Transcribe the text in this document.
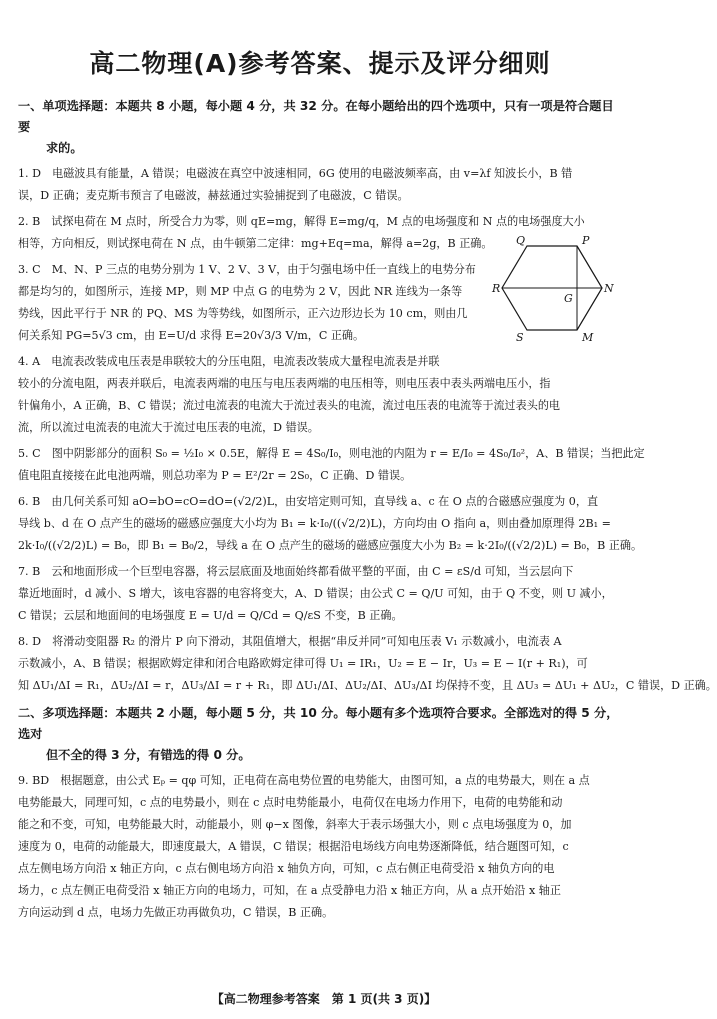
高二物理(A)参考答案、提示及评分细则
一、单项选择题：本题共 8 小题，每小题 4 分，共 32 分。在每小题给出的四个选项中，只有一项是符合题目要
求的。
1. D　电磁波具有能量，A 错误；电磁波在真空中波速相同，6G 使用的电磁波频率高，由 v=λf 知波长小，B 错
误，D 正确；麦克斯韦预言了电磁波，赫兹通过实验捕捉到了电磁波，C 错误。
2. B　试探电荷在 M 点时，所受合力为零，则 qE=mg，解得 E=mg/q，M 点的电场强度和 N 点的电场强度大小
相等，方向相反，则试探电荷在 N 点，由牛顿第二定律：mg+Eq=ma，解得 a=2g，B 正确。
3. C　M、N、P 三点的电势分别为 1 V、2 V、3 V，由于匀强电场中任一直线上的电势分布
都是均匀的，如图所示，连接 MP，则 MP 中点 G 的电势为 2 V，因此 NR 连线为一条等
势线，因此平行于 NR 的 PQ、MS 为等势线，如图所示，正六边形边长为 10 cm，则由几
何关系知 PG=5√3 cm，由 E=U/d 求得 E=20√3/3 V/m，C 正确。
Q	P
R
G
N
S	M
4. A　电流表改装成电压表是串联较大的分压电阻，电流表改装成大量程电流表是并联
较小的分流电阻，两表并联后，电流表两端的电压与电压表两端的电压相等，则电压表中表头两端电压小，指
针偏角小，A 正确，B、C 错误；流过电流表的电流大于流过表头的电流，流过电压表的电流等于流过表头的电
流，所以流过电流表的电流大于流过电压表的电流，D 错误。
5. C　图中阴影部分的面积 S₀ = ½I₀ × 0.5E，解得 E = 4S₀/I₀，则电池的内阻为 r = E/I₀ = 4S₀/I₀²，A、B 错误；当把此定
值电阻直接接在此电池两端，则总功率为 P = E²/2r = 2S₀，C 正确、D 错误。
6. B　由几何关系可知 aO=bO=cO=dO=(√2/2)L，由安培定则可知，直导线 a、c 在 O 点的合磁感应强度为 0，直
导线 b、d 在 O 点产生的磁场的磁感应强度大小均为 B₁ = k·I₀/((√2/2)L)，方向均由 O 指向 a，则由叠加原理得 2B₁ =
2k·I₀/((√2/2)L) = B₀，即 B₁ = B₀/2，导线 a 在 O 点产生的磁场的磁感应强度大小为 B₂ = k·2I₀/((√2/2)L) = B₀，B 正确。
7. B　云和地面形成一个巨型电容器，将云层底面及地面始终都看做平整的平面，由 C = εS/d 可知，当云层向下
靠近地面时，d 减小、S 增大，该电容器的电容将变大，A、D 错误；由公式 C = Q/U 可知，由于 Q 不变，则 U 减小，
C 错误；云层和地面间的电场强度 E = U/d = Q/Cd = Q/εS 不变，B 正确。
8. D　将滑动变阻器 R₂ 的滑片 P 向下滑动，其阻值增大，根据“串反并同”可知电压表 V₁ 示数减小，电流表 A
示数减小，A、B 错误；根据欧姆定律和闭合电路欧姆定律可得 U₁ = IR₁，U₂ = E − Ir，U₃ = E − I(r + R₁)，可
知 ΔU₁/ΔI = R₁，ΔU₂/ΔI = r，ΔU₃/ΔI = r + R₁，即 ΔU₁/ΔI、ΔU₂/ΔI、ΔU₃/ΔI 均保持不变，且 ΔU₃ = ΔU₁ + ΔU₂，C 错误，D 正确。
二、多项选择题：本题共 2 小题，每小题 5 分，共 10 分。每小题有多个选项符合要求。全部选对的得 5 分，选对
但不全的得 3 分，有错选的得 0 分。
9. BD　根据题意，由公式 Eₚ = qφ 可知，正电荷在高电势位置的电势能大，由图可知，a 点的电势最大，则在 a 点
电势能最大，同理可知，c 点的电势最小，则在 c 点时电势能最小，电荷仅在电场力作用下，电荷的电势能和动
能之和不变，可知，电势能最大时，动能最小，则 φ−x 图像，斜率大于表示场强大小，则 c 点电场强度为 0，加
速度为 0，电荷的动能最大，即速度最大，A 错误，C 错误；根据沿电场线方向电势逐渐降低，结合题图可知，c
点左侧电场方向沿 x 轴正方向，c 点右侧电场方向沿 x 轴负方向，可知，c 点右侧正电荷受沿 x 轴负方向的电
场力，c 点左侧正电荷受沿 x 轴正方向的电场力，可知，在 a 点受静电力沿 x 轴正方向，从 a 点开始沿 x 轴正
方向运动到 d 点，电场力先做正功再做负功，C 错误，B 正确。
【高二物理参考答案　第 1 页(共 3 页)】
